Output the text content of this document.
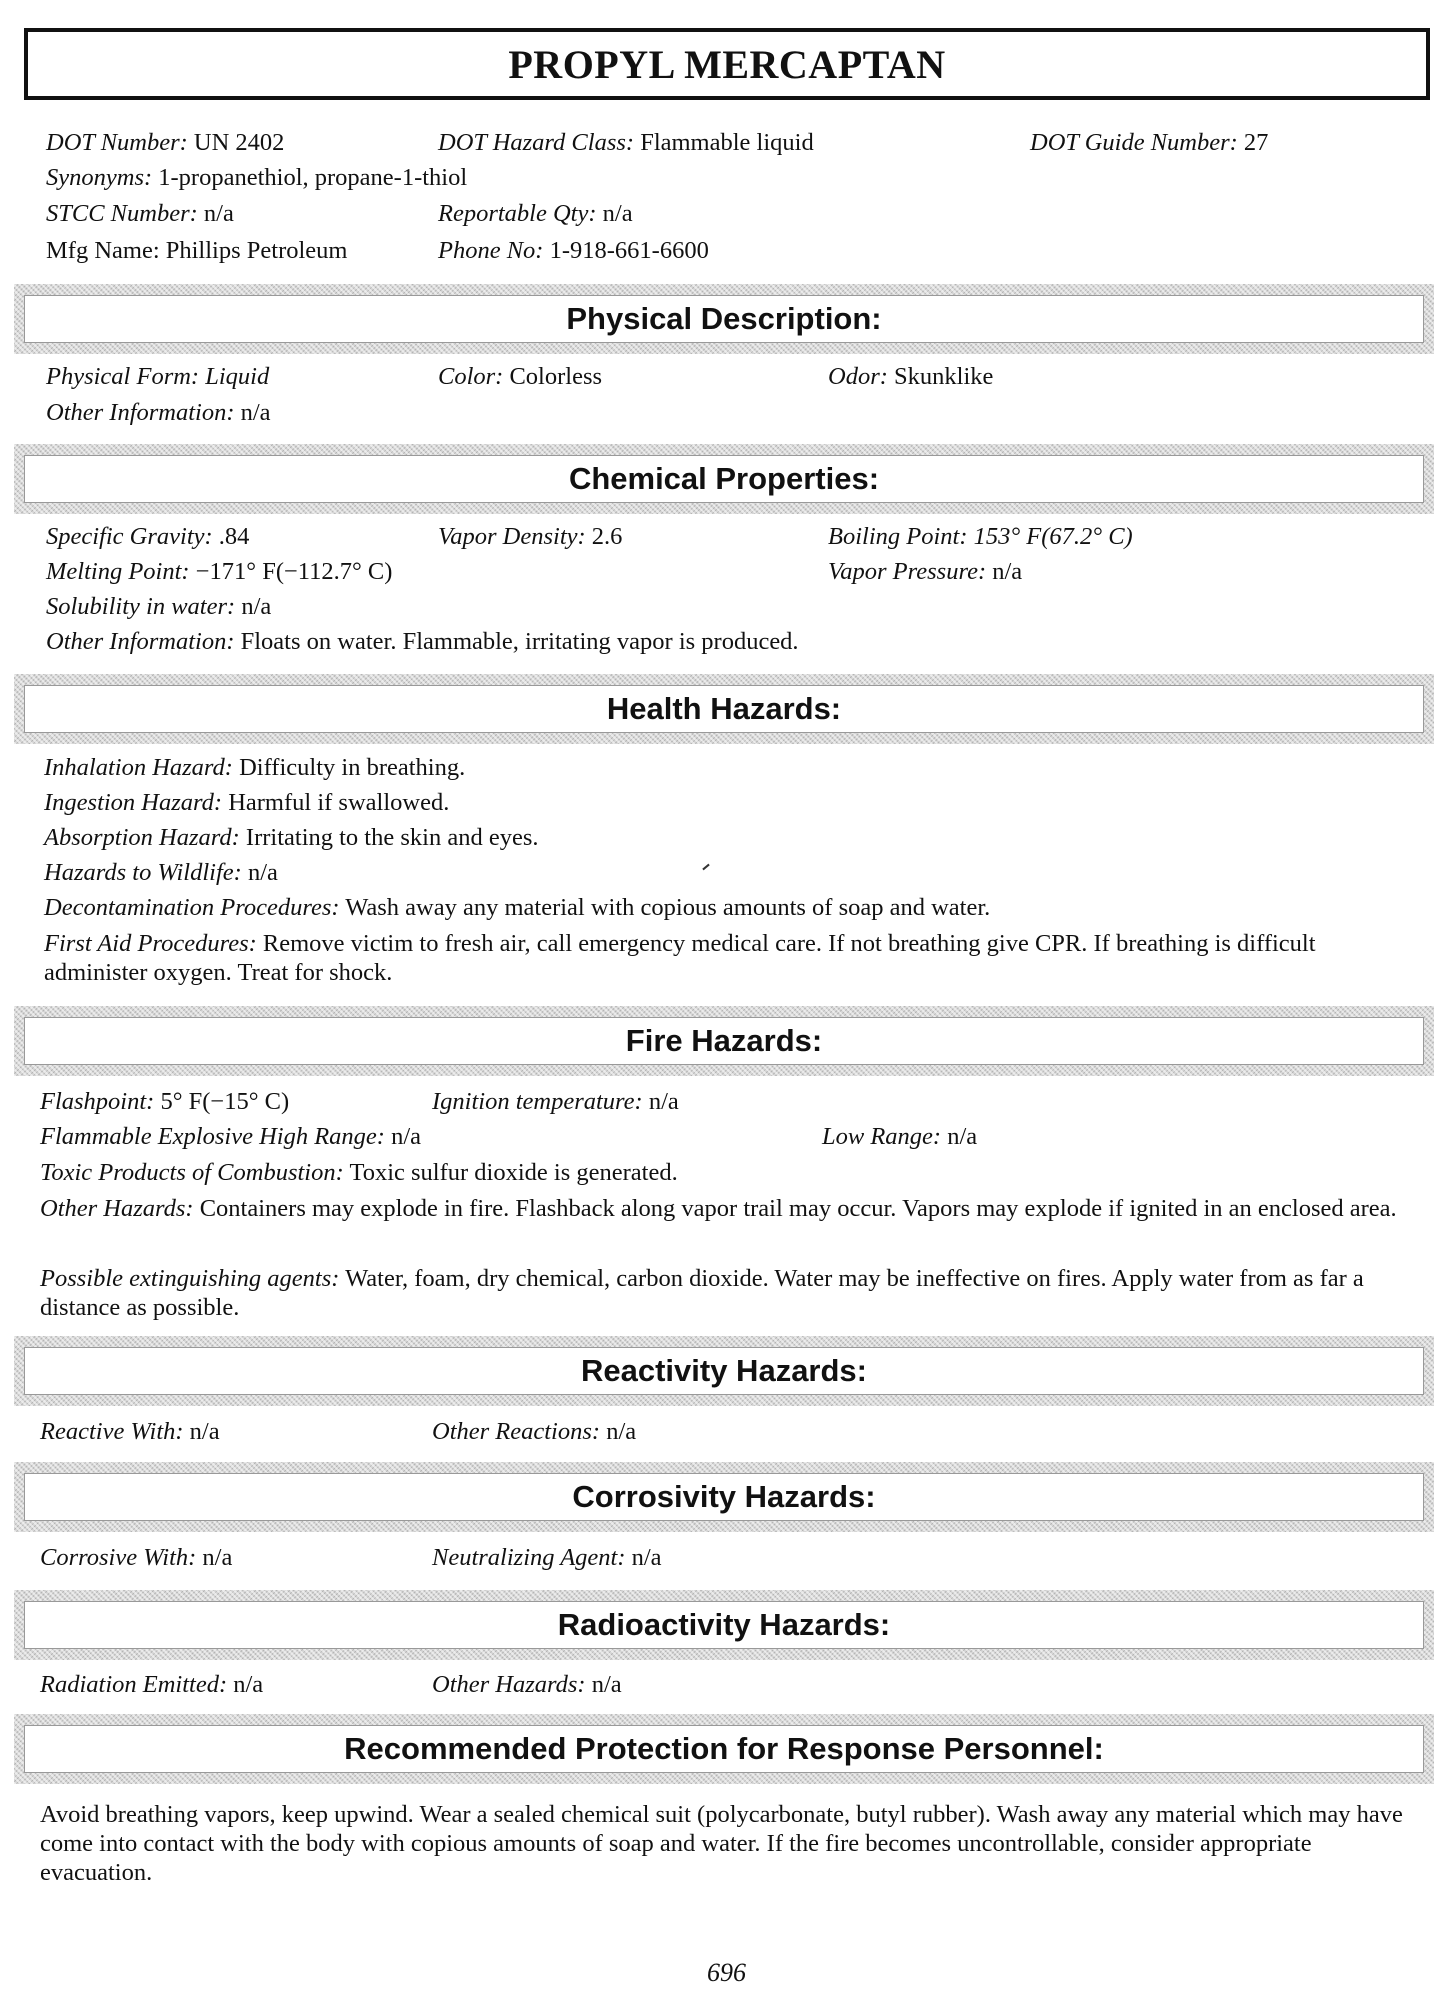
PROPYL MERCAPTAN
DOT Number: UN 2402	DOT Hazard Class: Flammable liquid	DOT Guide Number: 27
Synonyms: 1-propanethiol, propane-1-thiol
STCC Number: n/a	Reportable Qty: n/a
Mfg Name: Phillips Petroleum	Phone No: 1-918-661-6600
Physical Description:
Physical Form: Liquid	Color: Colorless	Odor: Skunklike
Other Information: n/a
Chemical Properties:
Specific Gravity: .84	Vapor Density: 2.6	Boiling Point: 153° F(67.2° C)
Melting Point: −171° F(−112.7° C)	Vapor Pressure: n/a
Solubility in water: n/a
Other Information: Floats on water. Flammable, irritating vapor is produced.
Health Hazards:
Inhalation Hazard: Difficulty in breathing.
Ingestion Hazard: Harmful if swallowed.
Absorption Hazard: Irritating to the skin and eyes.
Hazards to Wildlife: n/a
Decontamination Procedures: Wash away any material with copious amounts of soap and water.
First Aid Procedures: Remove victim to fresh air, call emergency medical care. If not breathing give CPR. If breathing is difficult administer oxygen. Treat for shock.
Fire Hazards:
Flashpoint: 5° F(−15° C)	Ignition temperature: n/a
Flammable Explosive High Range: n/a	Low Range: n/a
Toxic Products of Combustion: Toxic sulfur dioxide is generated.
Other Hazards: Containers may explode in fire. Flashback along vapor trail may occur. Vapors may explode if ignited in an enclosed area.
Possible extinguishing agents: Water, foam, dry chemical, carbon dioxide. Water may be ineffective on fires. Apply water from as far a distance as possible.
Reactivity Hazards:
Reactive With: n/a	Other Reactions: n/a
Corrosivity Hazards:
Corrosive With: n/a	Neutralizing Agent: n/a
Radioactivity Hazards:
Radiation Emitted: n/a	Other Hazards: n/a
Recommended Protection for Response Personnel:
Avoid breathing vapors, keep upwind. Wear a sealed chemical suit (polycarbonate, butyl rubber). Wash away any material which may have come into contact with the body with copious amounts of soap and water. If the fire becomes uncontrollable, consider appropriate evacuation.
696
